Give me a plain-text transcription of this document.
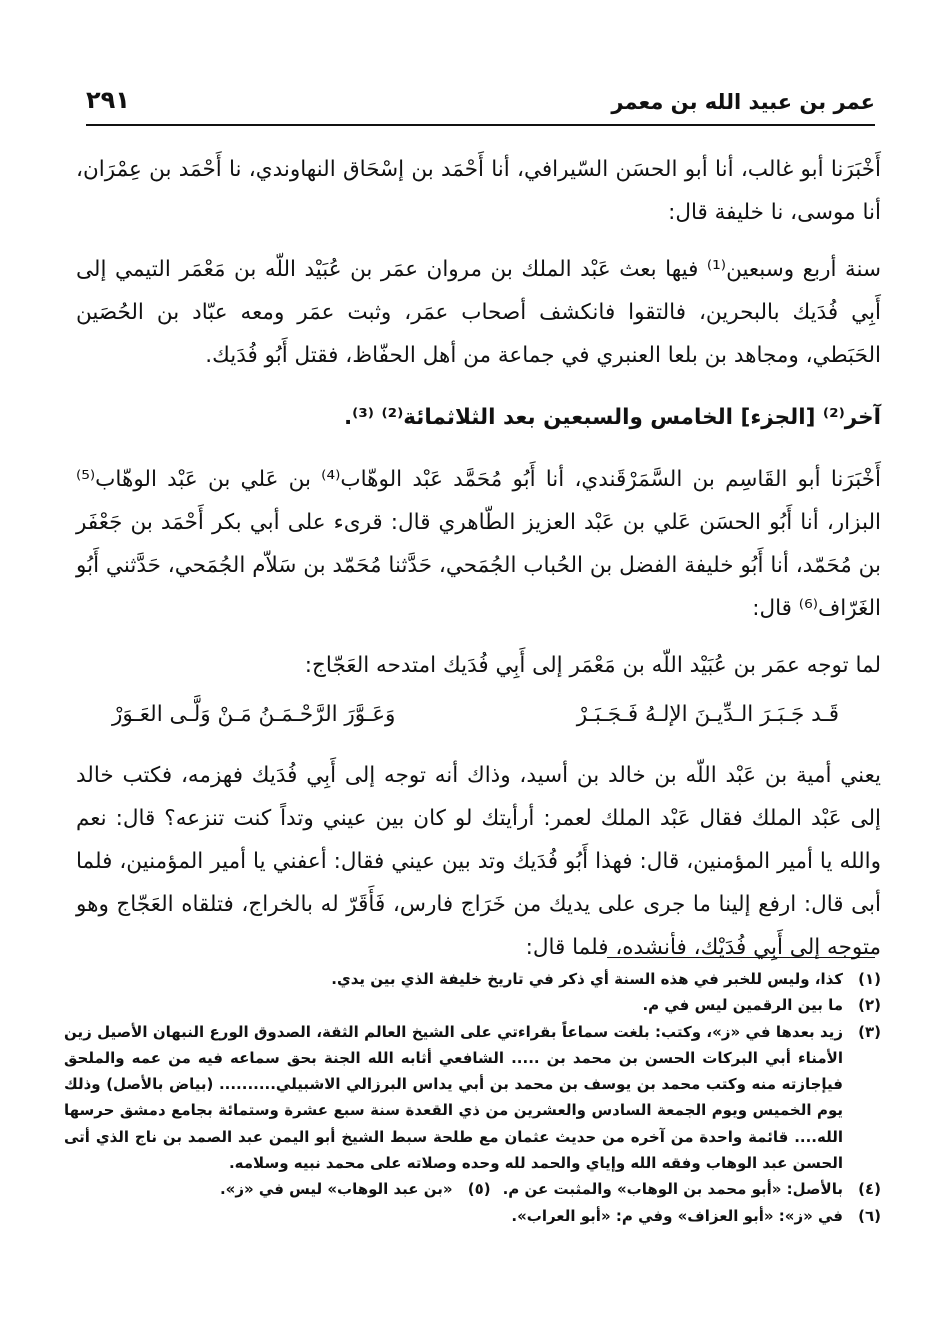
عمر بن عبيد الله بن معمر
٢٩١

أَخْبَرَنا أبو غالب، أنا أبو الحسَن السّيرافي، أنا أَحْمَد بن إسْحَاق النهاوندي، نا أَحْمَد بن عِمْرَان، أنا موسى، نا خليفة قال:

سنة أربع وسبعين⁽¹⁾ فيها بعث عَبْد الملك بن مروان عمَر بن عُبَيْد اللّه بن مَعْمَر التيمي إلى أَبِي فُدَيك بالبحرين، فالتقوا فانكشف أصحاب عمَر، وثبت عمَر ومعه عبّاد بن الحُصَين الحَبَطي، ومجاهد بن بلعا العنبري في جماعة من أهل الحفّاظ، فقتل أَبُو فُدَيك.

آخر⁽²⁾ [الجزء] الخامس والسبعين بعد الثلاثمائة⁽²⁾ ⁽³⁾.

أَخْبَرَنا أبو القَاسِم بن السَّمَرْقَندي، أنا أَبُو مُحَمَّد عَبْد الوهّاب⁽⁴⁾ بن عَلي بن عَبْد الوهّاب⁽⁵⁾ البزار، أنا أَبُو الحسَن عَلي بن عَبْد العزيز الطّاهري قال: قرىء على أبي بكر أَحْمَد بن جَعْفَر بن مُحَمّد، أنا أَبُو خليفة الفضل بن الحُباب الجُمَحي، حَدَّثنا مُحَمّد بن سَلاّم الجُمَحي، حَدَّثني أَبُو الغَرّاف⁽⁶⁾ قال:

لما توجه عمَر بن عُبَيْد اللّه بن مَعْمَر إلى أَبِي فُدَيك امتدحه العَجّاج:

قَـد جَـبَـرَ الـدِّيـنَ الإلـهُ فَـجَـبَـرْ
وَعَـوَّرَ الرَّحْـمَـنُ مَـنْ وَلَّـى العَـوَرْ

يعني أمية بن عَبْد اللّه بن خالد بن أسيد، وذاك أنه توجه إلى أَبِي فُدَيك فهزمه، فكتب خالد إلى عَبْد الملك فقال عَبْد الملك لعمر: أرأيتك لو كان بين عيني وتداً كنت تنزعه؟ قال: نعم والله يا أمير المؤمنين، قال: فهذا أَبُو فُدَيك وتد بين عيني فقال: أعفني يا أمير المؤمنين، فلما أبى قال: ارفع إلينا ما جرى على يديك من خَرَاج فارس، فَأَقَرّ له بالخراج، فتلقاه العَجّاج وهو متوجه إلى أَبِي فُدَيْك، فأنشده، فلما قال:

(١)
كذا، وليس للخبر في هذه السنة أي ذكر في تاريخ خليفة الذي بين يدي.
(٢)
ما بين الرقمين ليس في م.
(٣)
زيد بعدها في «ز»، وكتب: بلغت سماعاً بقراءتي على الشيخ العالم الثقة، الصدوق الورع النبهان الأصيل زين الأمناء أبي البركات الحسن بن محمد بن ..... الشافعي أثابه الله الجنة بحق سماعه فيه من عمه والملحق فيإجازته منه وكتب محمد بن يوسف بن محمد بن أبي يداس البرزالي الاشبيلي.......... (بياض بالأصل) وذلك يوم الخميس ويوم الجمعة السادس والعشرين من ذي القعدة سنة سبع عشرة وستمائة بجامع دمشق حرسها الله.... قائمة واحدة من آخره من حديث عثمان مع طلحة سبط الشيخ أبو اليمن عبد الصمد بن ناج الذي أتى الحسن عبد الوهاب وفقه الله وإياي والحمد لله وحده وصلاته على محمد نبيه وسلامه.
(٤)
بالأصل: «أبو محمد بن الوهاب» والمثبت عن م.
(٥)
«بن عبد الوهاب» ليس في «ز».
(٦)
في «ز»: «أبو العزاف» وفي م: «أبو العراب».
